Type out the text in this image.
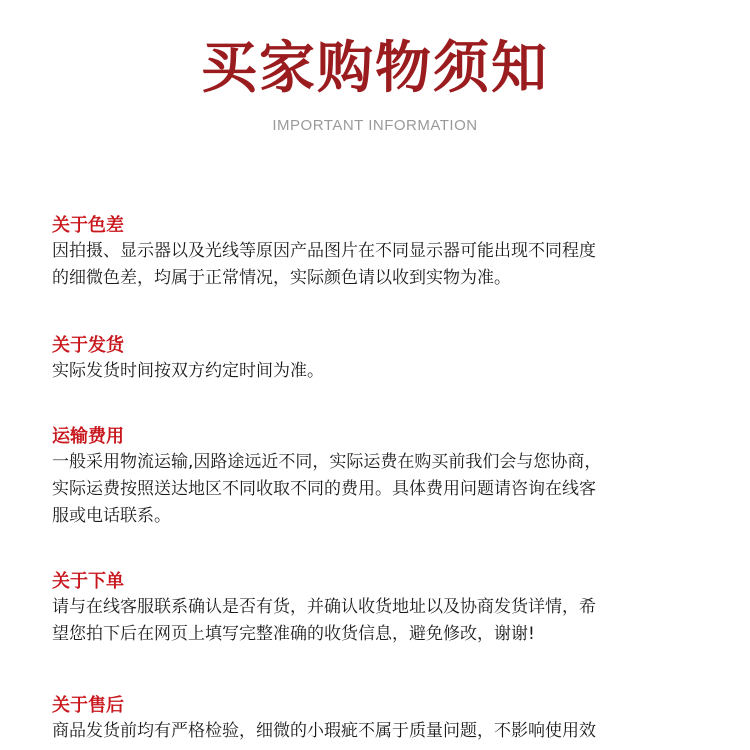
买家购物须知
IMPORTANT INFORMATION
关于色差
因拍摄、显示器以及光线等原因产品图片在不同显示器可能出现不同程度
的细微色差，均属于正常情况，实际颜色请以收到实物为准。
关于发货
实际发货时间按双方约定时间为准。
运输费用
一般采用物流运输,因路途远近不同，实际运费在购买前我们会与您协商，
实际运费按照送达地区不同收取不同的费用。具体费用问题请咨询在线客
服或电话联系。
关于下单
请与在线客服联系确认是否有货，并确认收货地址以及协商发货详情，希
望您拍下后在网页上填写完整准确的收货信息，避免修改，谢谢!
关于售后
商品发货前均有严格检验，细微的小瑕疵不属于质量问题，不影响使用效
